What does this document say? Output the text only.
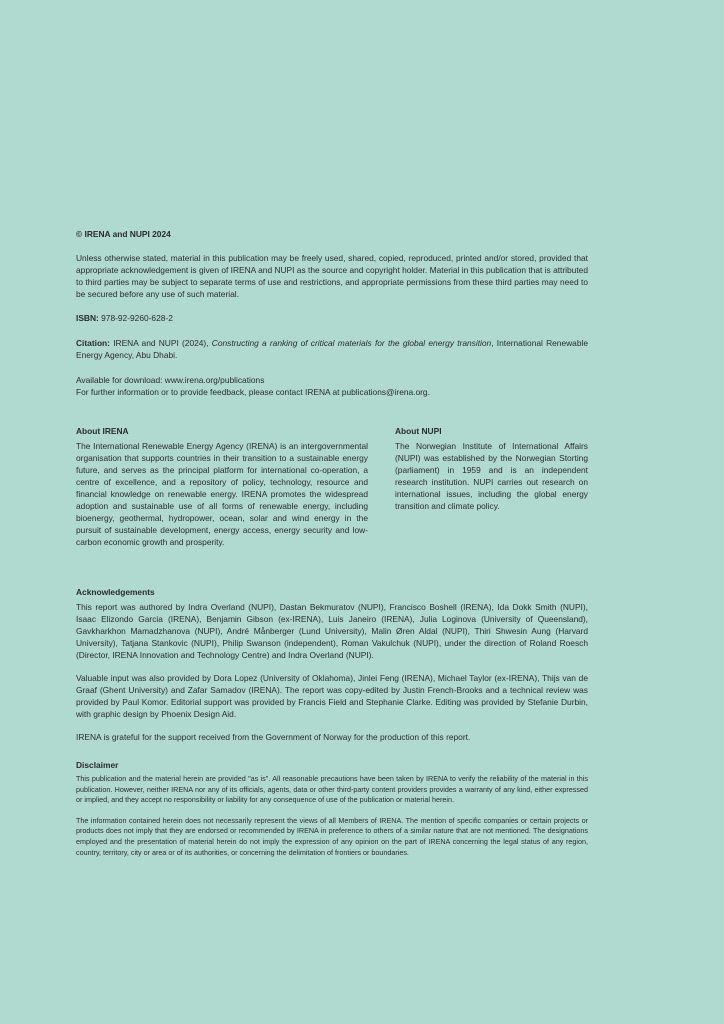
© IRENA and NUPI 2024

Unless otherwise stated, material in this publication may be freely used, shared, copied, reproduced, printed and/or stored, provided that appropriate acknowledgement is given of IRENA and NUPI as the source and copyright holder. Material in this publication that is attributed to third parties may be subject to separate terms of use and restrictions, and appropriate permissions from these third parties may need to be secured before any use of such material.

ISBN: 978-92-9260-628-2

Citation: IRENA and NUPI (2024), Constructing a ranking of critical materials for the global energy transition, International Renewable Energy Agency, Abu Dhabi.

Available for download: www.irena.org/publications

For further information or to provide feedback, please contact IRENA at publications@irena.org.

About IRENA

The International Renewable Energy Agency (IRENA) is an intergovernmental organisation that supports countries in their transition to a sustainable energy future, and serves as the principal platform for international co-operation, a centre of excellence, and a repository of policy, technology, resource and financial knowledge on renewable energy. IRENA promotes the widespread adoption and sustainable use of all forms of renewable energy, including bioenergy, geothermal, hydropower, ocean, solar and wind energy in the pursuit of sustainable development, energy access, energy security and low-carbon economic growth and prosperity.

About NUPI

The Norwegian Institute of International Affairs (NUPI) was established by the Norwegian Storting (parliament) in 1959 and is an independent research institution. NUPI carries out research on international issues, including the global energy transition and climate policy.

Acknowledgements

This report was authored by Indra Overland (NUPI), Dastan Bekmuratov (NUPI), Francisco Boshell (IRENA), Ida Dokk Smith (NUPI), Isaac Elizondo Garcia (IRENA), Benjamin Gibson (ex-IRENA), Luis Janeiro (IRENA), Julia Loginova (University of Queensland), Gavkharkhon Mamadzhanova (NUPI), André Månberger (Lund University), Malin Øren Aldal (NUPI), Thiri Shwesin Aung (Harvard University), Tatjana Stankovic (NUPI), Philip Swanson (independent), Roman Vakulchuk (NUPI), under the direction of Roland Roesch (Director, IRENA Innovation and Technology Centre) and Indra Overland (NUPI).

Valuable input was also provided by Dora Lopez (University of Oklahoma), Jinlei Feng (IRENA), Michael Taylor (ex-IRENA), Thijs van de Graaf (Ghent University) and Zafar Samadov (IRENA). The report was copy-edited by Justin French-Brooks and a technical review was provided by Paul Komor. Editorial support was provided by Francis Field and Stephanie Clarke. Editing was provided by Stefanie Durbin, with graphic design by Phoenix Design Aid.

IRENA is grateful for the support received from the Government of Norway for the production of this report.

Disclaimer

This publication and the material herein are provided "as is". All reasonable precautions have been taken by IRENA to verify the reliability of the material in this publication. However, neither IRENA nor any of its officials, agents, data or other third-party content providers provides a warranty of any kind, either expressed or implied, and they accept no responsibility or liability for any consequence of use of the publication or material herein.

The information contained herein does not necessarily represent the views of all Members of IRENA. The mention of specific companies or certain projects or products does not imply that they are endorsed or recommended by IRENA in preference to others of a similar nature that are not mentioned. The designations employed and the presentation of material herein do not imply the expression of any opinion on the part of IRENA concerning the legal status of any region, country, territory, city or area or of its authorities, or concerning the delimitation of frontiers or boundaries.
